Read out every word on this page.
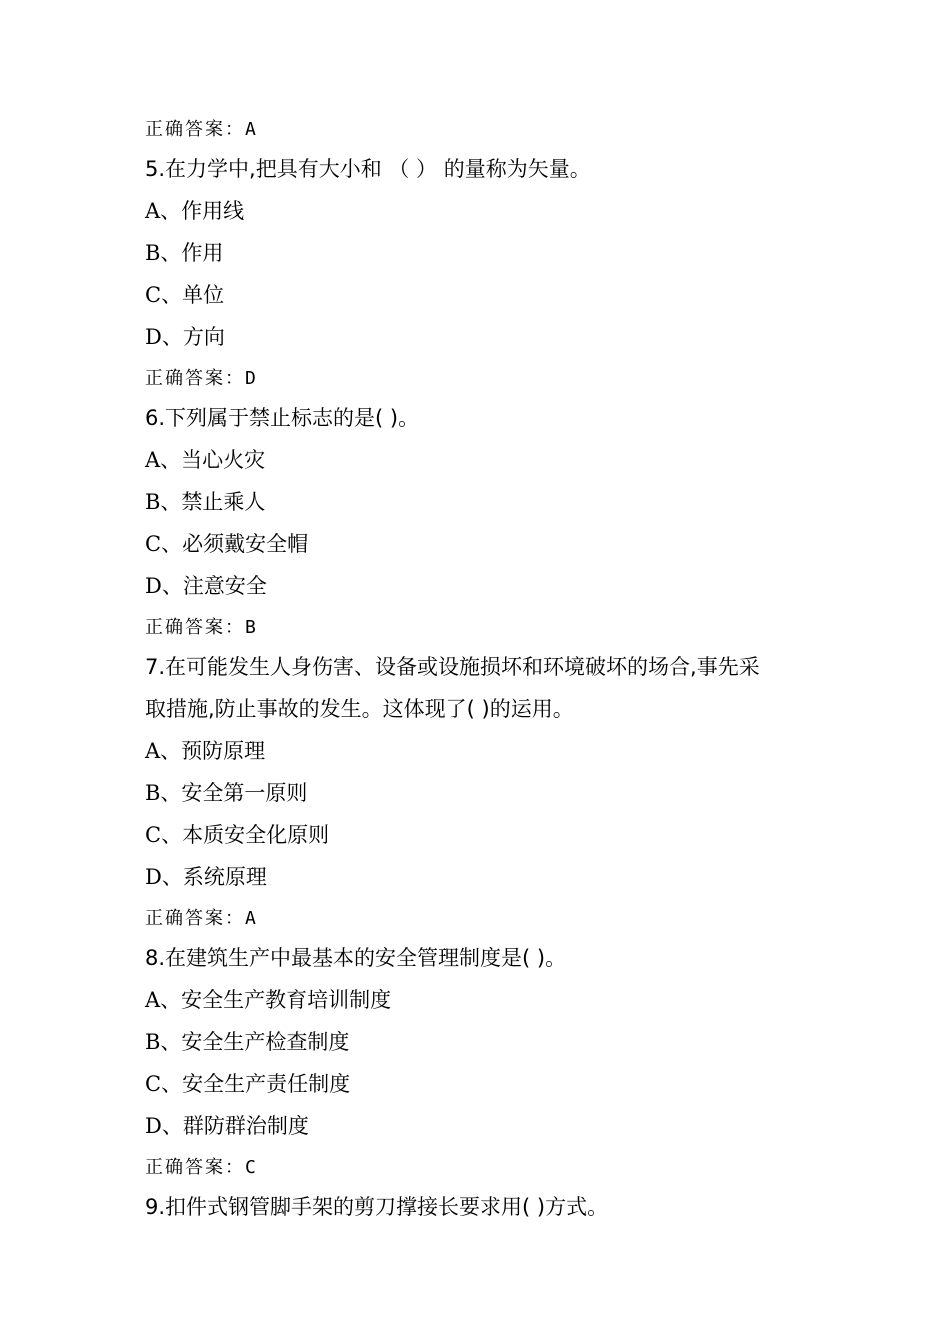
正确答案：A
5.在力学中,把具有大小和 （ ） 的量称为矢量。
A、作用线
B、作用
C、单位
D、方向
正确答案：D
6.下列属于禁止标志的是( )。
A、当心火灾
B、禁止乘人
C、必须戴安全帽
D、注意安全
正确答案：B
7.在可能发生人身伤害、设备或设施损坏和环境破坏的场合,事先采
取措施,防止事故的发生。这体现了( )的运用。
A、预防原理
B、安全第一原则
C、本质安全化原则
D、系统原理
正确答案：A
8.在建筑生产中最基本的安全管理制度是( )。
A、安全生产教育培训制度
B、安全生产检查制度
C、安全生产责任制度
D、群防群治制度
正确答案：C
9.扣件式钢管脚手架的剪刀撑接长要求用( )方式。
